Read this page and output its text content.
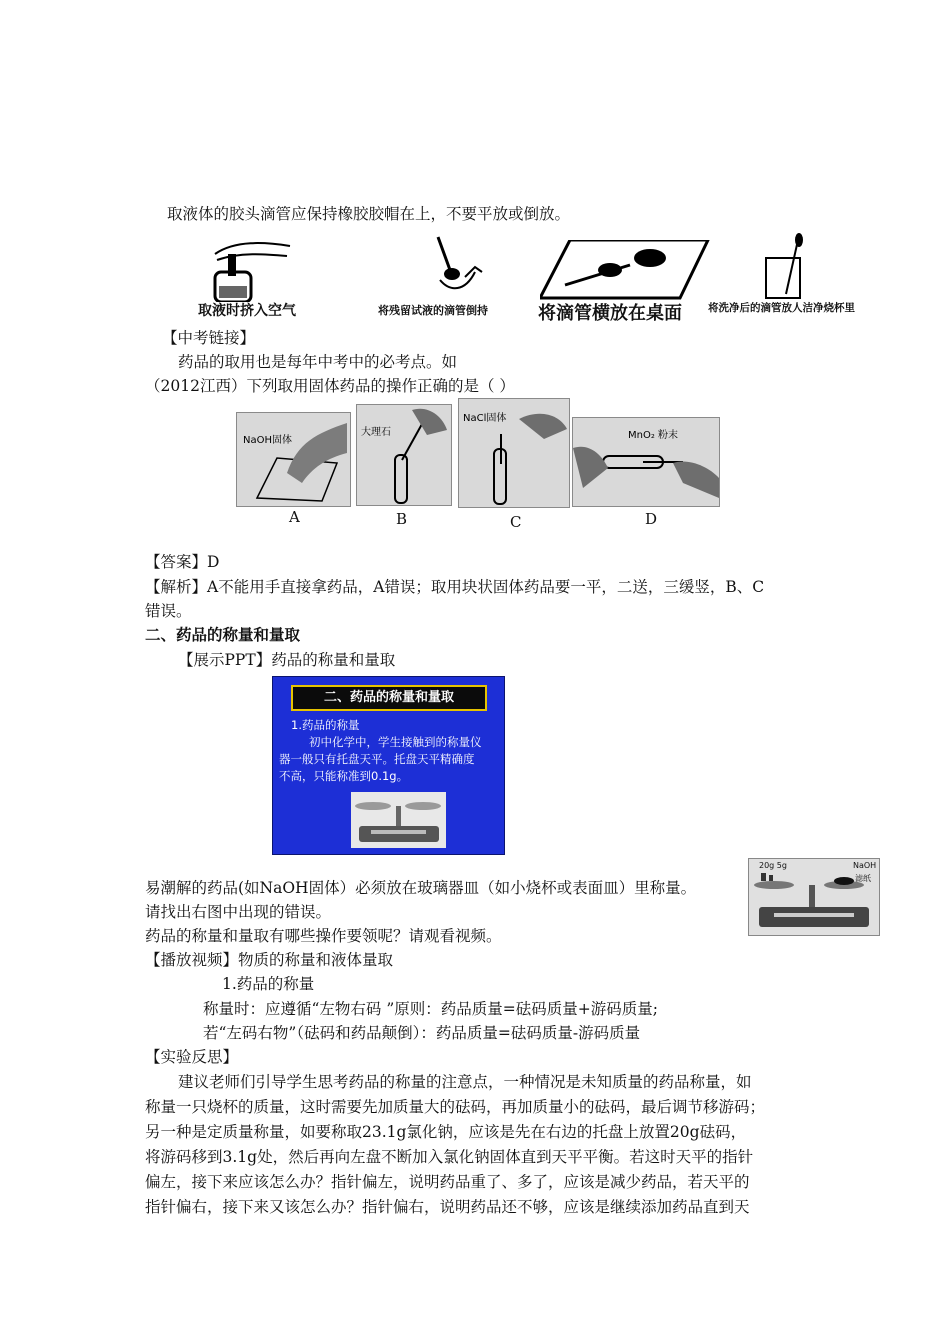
取液体的胶头滴管应保持橡胶胶帽在上，不要平放或倒放。
取液时挤入空气	将残留试液的滴管倒持	将滴管横放在桌面 将洗净后的滴管放人洁净烧杯里
【中考链接】
药品的取用也是每年中考中的必考点。如
（2012江西）下列取用固体药品的操作正确的是（ ）
NaOH固体
大理石
NaCl固体
MnO₂ 粉末
A	B	C	D
【答案】D
【解析】A不能用手直接拿药品，A错误；取用块状固体药品要一平，二送，三缓竖，B、C
错误。
二、药品的称量和量取
【展示PPT】药品的称量和量取
二、药品的称量和量取
1.药品的称量
初中化学中，学生接触到的称量仪
器一般只有托盘天平。托盘天平精确度
不高，只能称准到0.1g。
20g 5g	NaOH
滤纸
易潮解的药品(如NaOH固体）必须放在玻璃器皿（如小烧杯或表面皿）里称量。
请找出右图中出现的错误。
药品的称量和量取有哪些操作要领呢？请观看视频。
【播放视频】物质的称量和液体量取
1.药品的称量
称量时：应遵循“左物右码 ”原则：药品质量=砝码质量+游码质量;
若“左码右物”（砝码和药品颠倒）：药品质量=砝码质量-游码质量
【实验反思】
建议老师们引导学生思考药品的称量的注意点，一种情况是未知质量的药品称量，如
称量一只烧杯的质量，这时需要先加质量大的砝码，再加质量小的砝码，最后调节移游码；
另一种是定质量称量，如要称取23.1g氯化钠，应该是先在右边的托盘上放置20g砝码，
将游码移到3.1g处，然后再向左盘不断加入氯化钠固体直到天平平衡。若这时天平的指针
偏左，接下来应该怎么办？指针偏左，说明药品重了、多了，应该是减少药品，若天平的
指针偏右，接下来又该怎么办？指针偏右，说明药品还不够，应该是继续添加药品直到天
